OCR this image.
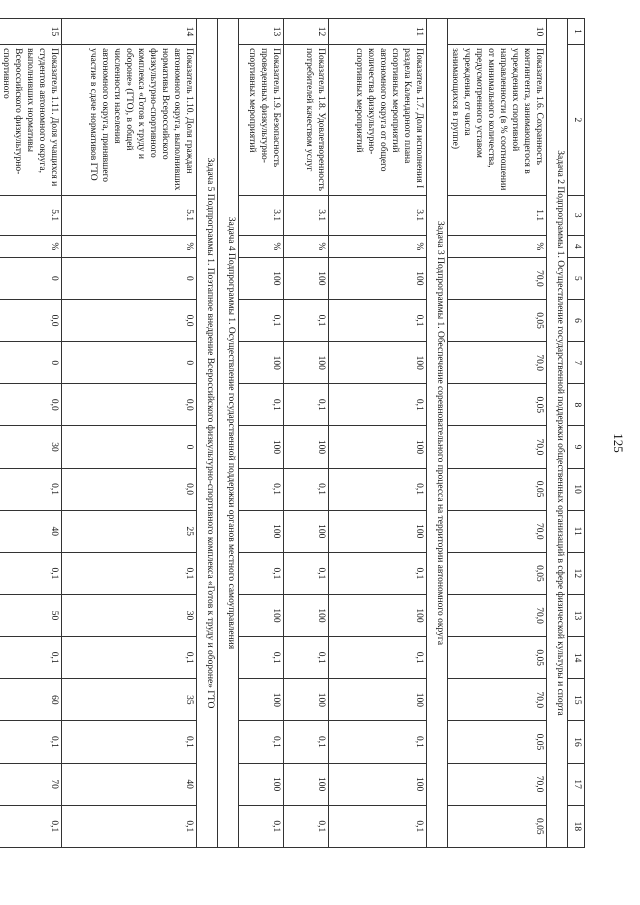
125
1	2	3	4	5	6	7	8	9	10	11	12	13	14	15	16	17	18
Задача 2 Подпрограммы 1. Осуществление государственной поддержки общественных организаций в сфере физической культуры и спорта																	
10	Показатель 1.6. Сохранность контингента, занимающегося в учреждениях спортивной направленности (в % соотношении от минимального количества, предусмотренного уставом учреждения, от числа занимающихся в группе)	1.1	%	70,0	0,05	70,0	0,05	70,0	0,05	70,0	0,05	70,0	0,05	70,0	0,05	70,0	0,05
Задача 3 Подпрограммы 1. Обеспечение соревновательного процесса на территории автономного округа																	
11	Показатель 1.7. Доля исполнения I раздела Календарного плана спортивных мероприятий автономного округа от общего количества физкультурно-спортивных мероприятий	3.1	%	100	0,1	100	0,1	100	0,1	100	0,1	100	0,1	100	0,1	100	0,1
12	Показатель 1.8. Удовлетворенность потребителей качеством услуг	3.1	%	100	0,1	100	0,1	100	0,1	100	0,1	100	0,1	100	0,1	100	0,1
13	Показатель 1.9. Безопасность проведенных физкультурно-спортивных мероприятий	3.1	%	100	0,1	100	0,1	100	0,1	100	0,1	100	0,1	100	0,1	100	0,1
Задача 4 Подпрограммы 1. Осуществление государственной поддержки органов местного самоуправления																	
Задача 5 Подпрограммы 1. Поэтапное внедрение Всероссийского физкультурно-спортивного комплекса «Готов к труду и обороне» ГТО																	
14	Показатель 1.10. Доля граждан автономного округа, выполнивших нормативы Всероссийского физкультурно-спортивного комплекса «Готов к труду и обороне» (ГТО), в общей численности населения автономного округа, принявшего участие в сдаче нормативов ГТО	5.1	%	0	0,0	0	0,0	0	0,0	25	0,1	30	0,1	35	0,1	40	0,1
15	Показатель 1.11. Доля учащихся и студентов автономного округа, выполнивших нормативы Всероссийского физкультурно-спортивного	5.1	%	0	0,0	0	0,0	30	0,1	40	0,1	50	0,1	60	0,1	70	0,1
